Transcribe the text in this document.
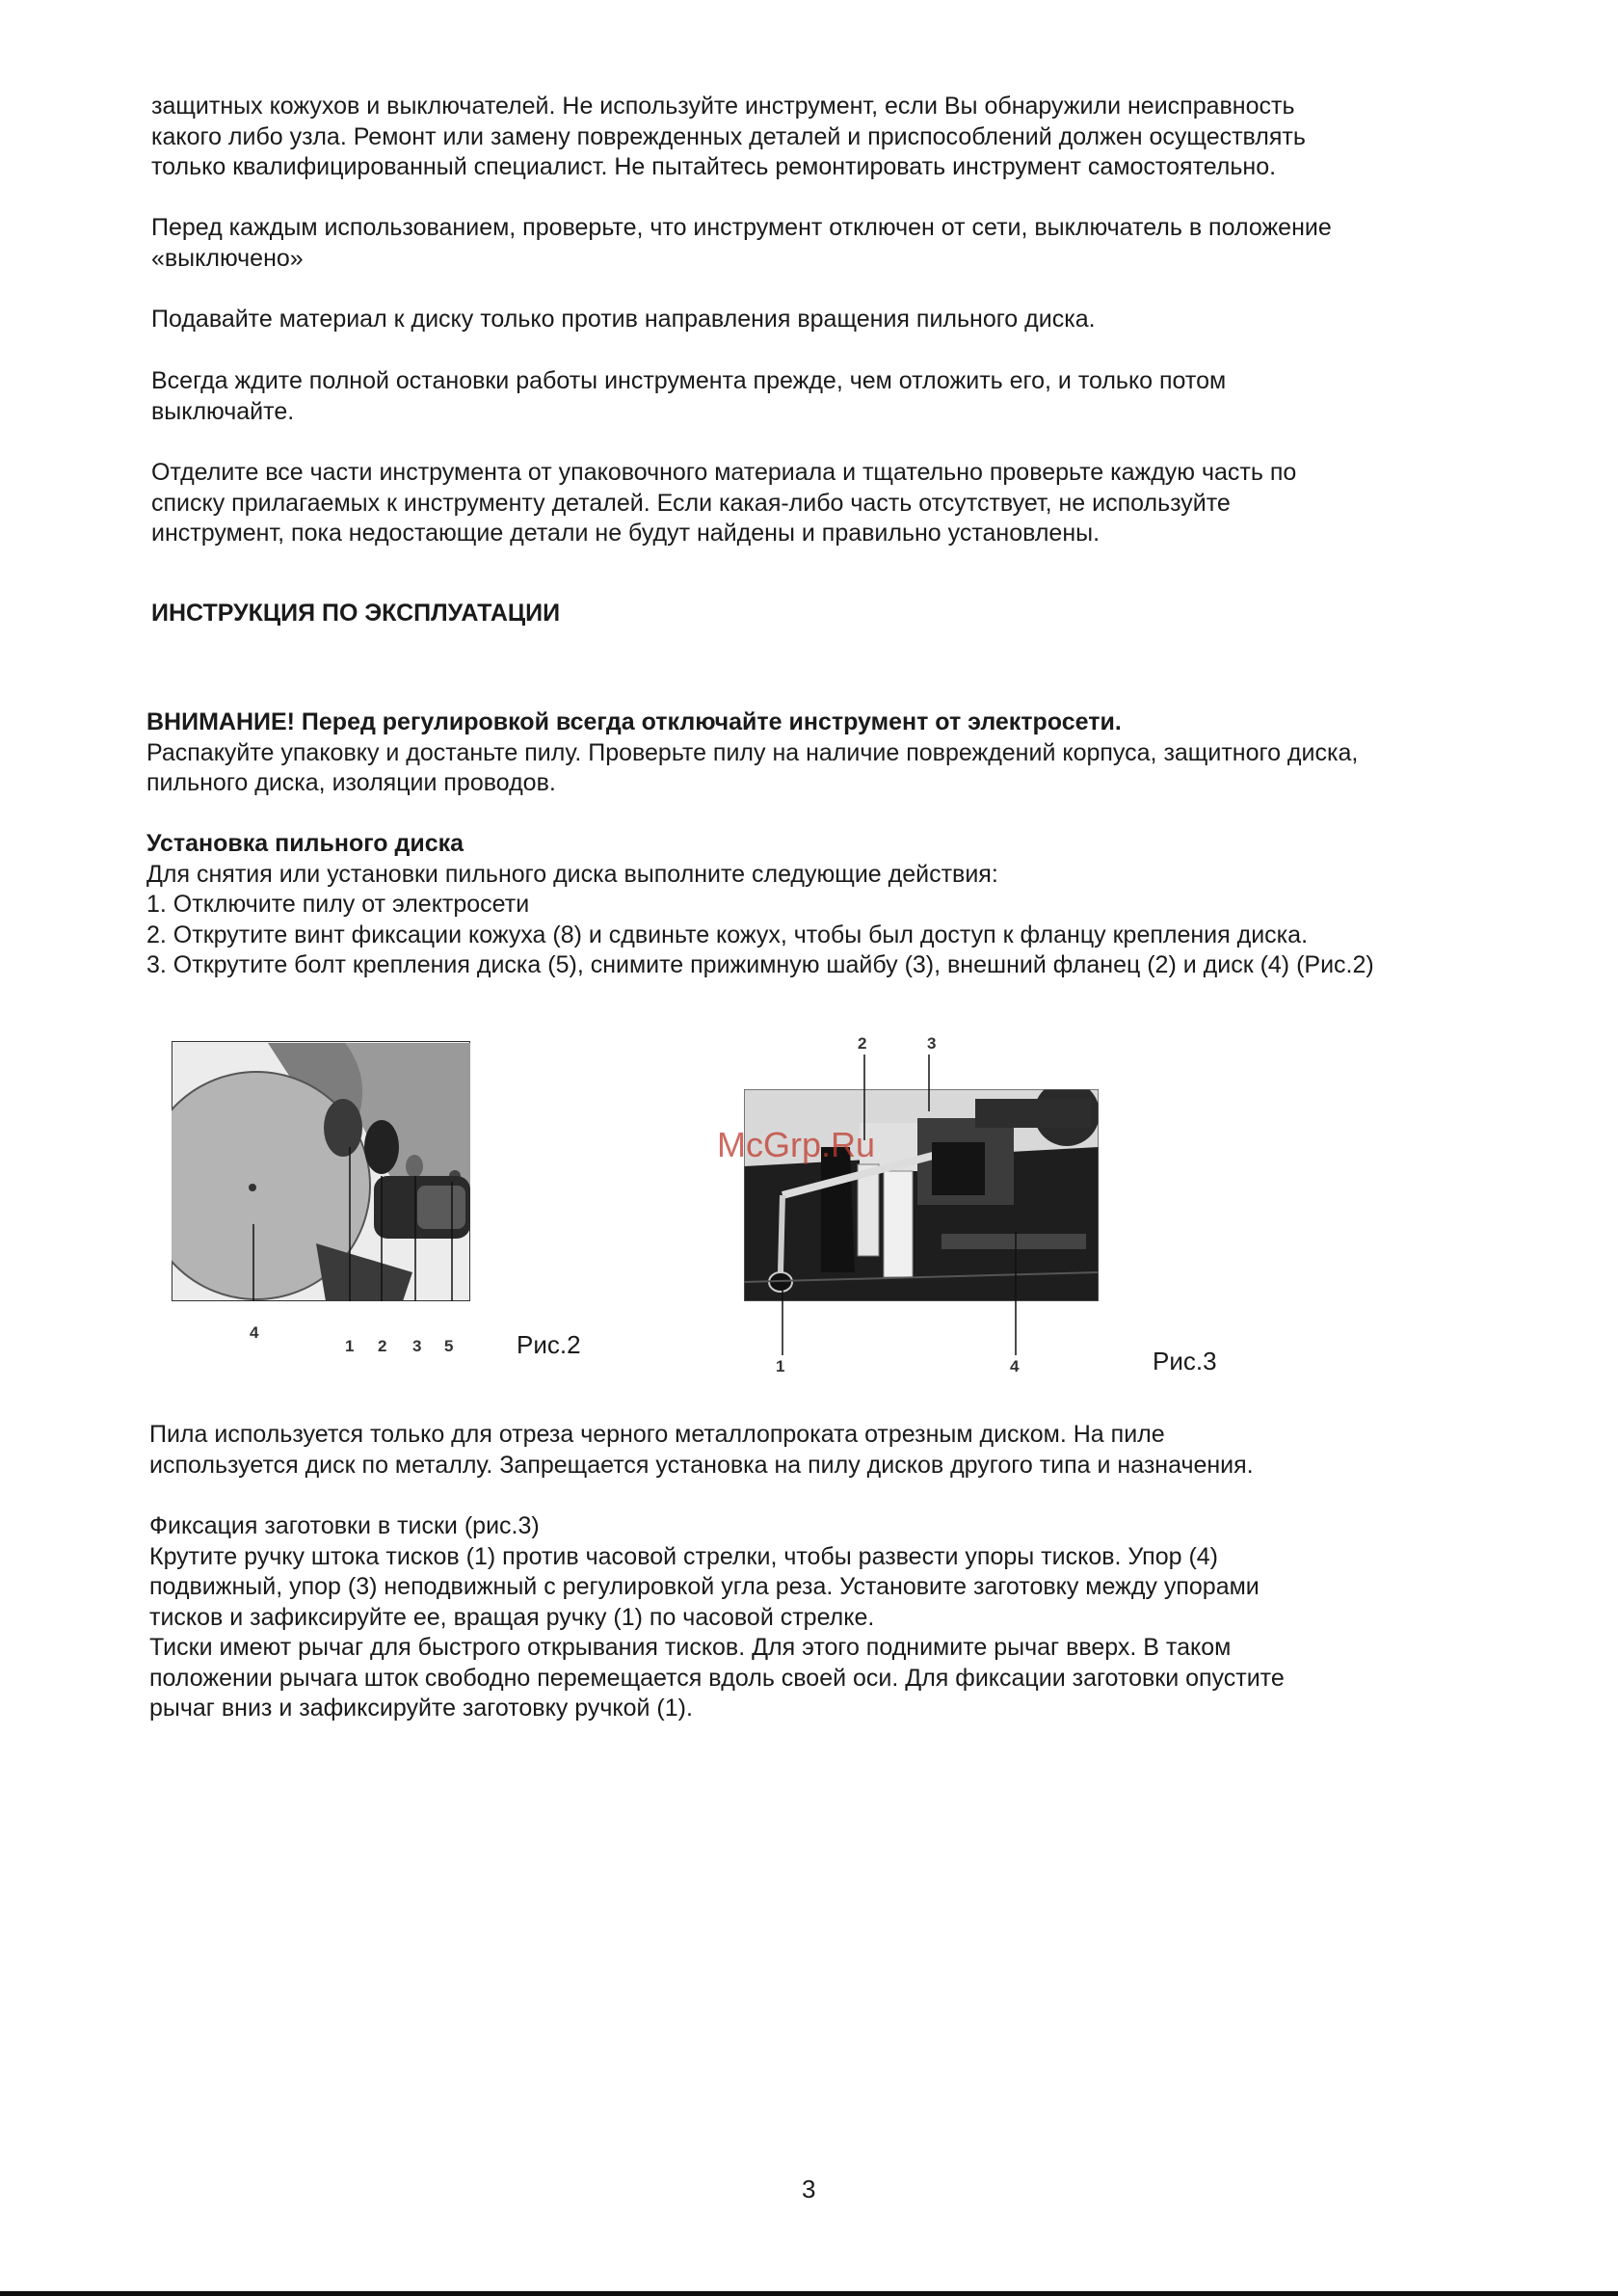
защитных кожухов и выключателей. Не используйте инструмент, если Вы обнаружили неисправность
какого либо узла. Ремонт или замену поврежденных деталей и приспособлений должен осуществлять
только квалифицированный специалист. Не пытайтесь ремонтировать инструмент самостоятельно.
Перед каждым использованием, проверьте, что инструмент отключен от сети, выключатель в положение
«выключено»
Подавайте материал к диску только против направления вращения пильного диска.
Всегда ждите полной остановки работы инструмента прежде, чем отложить его, и только потом
выключайте.
Отделите все части инструмента от упаковочного материала и тщательно проверьте каждую часть по
списку прилагаемых к инструменту деталей. Если какая-либо часть отсутствует, не используйте
инструмент, пока недостающие детали не будут найдены и правильно установлены.
ИНСТРУКЦИЯ ПО ЭКСПЛУАТАЦИИ
ВНИМАНИЕ! Перед регулировкой всегда отключайте инструмент от электросети.
Распакуйте упаковку и достаньте пилу. Проверьте пилу на наличие повреждений корпуса, защитного диска,
пильного диска, изоляции проводов.
Установка пильного диска
Для снятия или установки пильного диска выполните следующие действия:
1. Отключите пилу от электросети
2. Открутите винт фиксации кожуха (8) и сдвиньте кожух, чтобы был доступ к фланцу крепления диска.
3. Открутите болт крепления диска (5), снимите прижимную шайбу (3), внешний фланец (2) и диск (4) (Рис.2)
4
1 2 3 5	Рис.2
2	3
1	4	Рис.3
McGrp.Ru
Пила используется только для отреза черного металлопроката отрезным диском. На пиле
используется диск по металлу. Запрещается установка на пилу дисков другого типа и назначения.
Фиксация заготовки в тиски (рис.3)
Крутите ручку штока тисков (1) против часовой стрелки, чтобы развести упоры тисков. Упор (4)
подвижный, упор (3) неподвижный с регулировкой угла реза. Установите заготовку между упорами
тисков и зафиксируйте ее, вращая ручку (1) по часовой стрелке.
Тиски имеют рычаг для быстрого открывания тисков. Для этого поднимите рычаг вверх. В таком
положении рычага шток свободно перемещается вдоль своей оси. Для фиксации заготовки опустите
рычаг вниз и зафиксируйте заготовку ручкой (1).
3
